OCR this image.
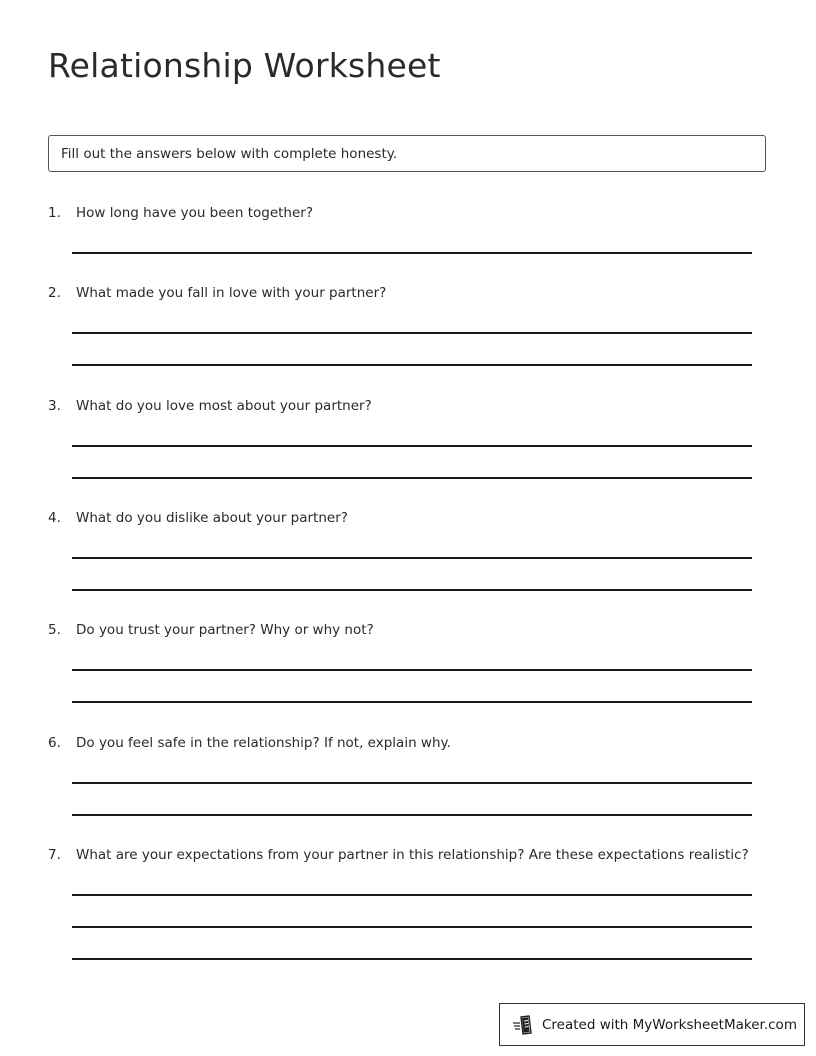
Relationship Worksheet
Fill out the answers below with complete honesty.
1. How long have you been together?
2. What made you fall in love with your partner?
3. What do you love most about your partner?
4. What do you dislike about your partner?
5. Do you trust your partner? Why or why not?
6. Do you feel safe in the relationship? If not, explain why.
7. What are your expectations from your partner in this relationship? Are these expectations realistic?
Created with MyWorksheetMaker.com
